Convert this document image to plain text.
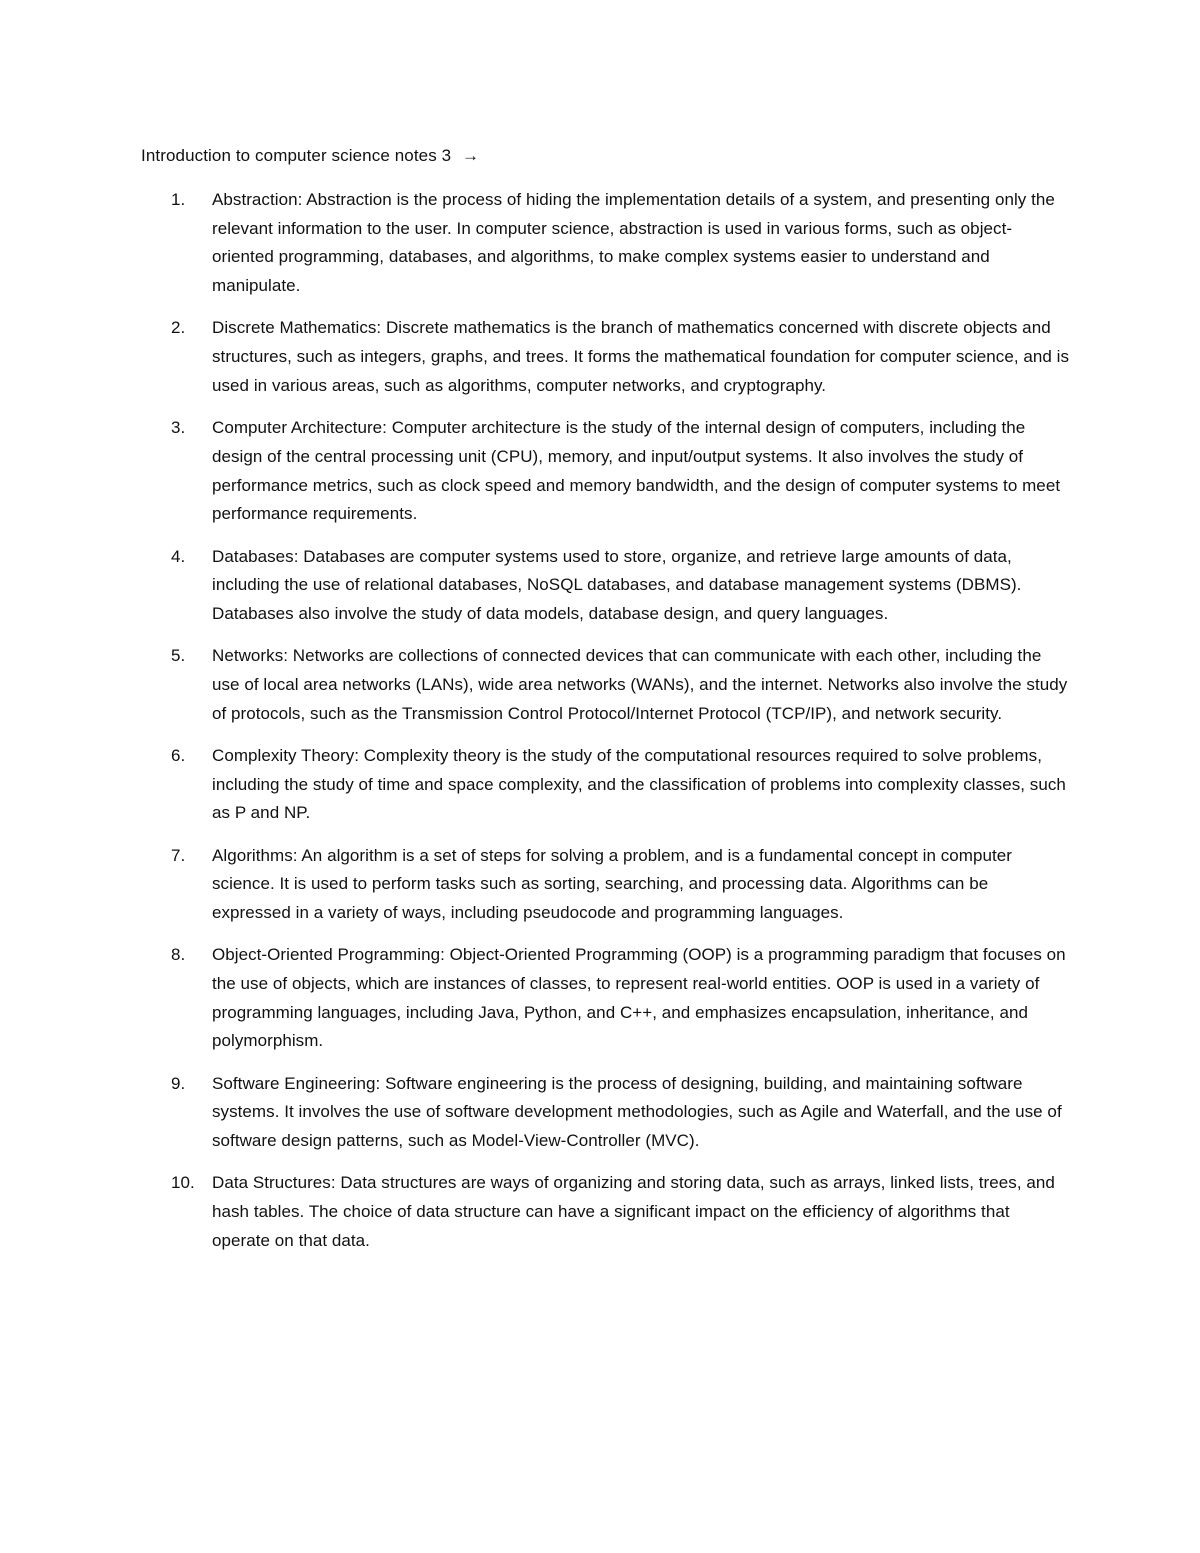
Introduction to computer science notes 3 →
1.	Abstraction: Abstraction is the process of hiding the implementation details of a system, and presenting only the relevant information to the user. In computer science, abstraction is used in various forms, such as object-oriented programming, databases, and algorithms, to make complex systems easier to understand and manipulate.
2.	Discrete Mathematics: Discrete mathematics is the branch of mathematics concerned with discrete objects and structures, such as integers, graphs, and trees. It forms the mathematical foundation for computer science, and is used in various areas, such as algorithms, computer networks, and cryptography.
3.	Computer Architecture: Computer architecture is the study of the internal design of computers, including the design of the central processing unit (CPU), memory, and input/output systems. It also involves the study of performance metrics, such as clock speed and memory bandwidth, and the design of computer systems to meet performance requirements.
4.	Databases: Databases are computer systems used to store, organize, and retrieve large amounts of data, including the use of relational databases, NoSQL databases, and database management systems (DBMS). Databases also involve the study of data models, database design, and query languages.
5.	Networks: Networks are collections of connected devices that can communicate with each other, including the use of local area networks (LANs), wide area networks (WANs), and the internet. Networks also involve the study of protocols, such as the Transmission Control Protocol/Internet Protocol (TCP/IP), and network security.
6.	Complexity Theory: Complexity theory is the study of the computational resources required to solve problems, including the study of time and space complexity, and the classification of problems into complexity classes, such as P and NP.
7.	Algorithms: An algorithm is a set of steps for solving a problem, and is a fundamental concept in computer science. It is used to perform tasks such as sorting, searching, and processing data. Algorithms can be expressed in a variety of ways, including pseudocode and programming languages.
8.	Object-Oriented Programming: Object-Oriented Programming (OOP) is a programming paradigm that focuses on the use of objects, which are instances of classes, to represent real-world entities. OOP is used in a variety of programming languages, including Java, Python, and C++, and emphasizes encapsulation, inheritance, and polymorphism.
9.	Software Engineering: Software engineering is the process of designing, building, and maintaining software systems. It involves the use of software development methodologies, such as Agile and Waterfall, and the use of software design patterns, such as Model-View-Controller (MVC).
10.	Data Structures: Data structures are ways of organizing and storing data, such as arrays, linked lists, trees, and hash tables. The choice of data structure can have a significant impact on the efficiency of algorithms that operate on that data.
